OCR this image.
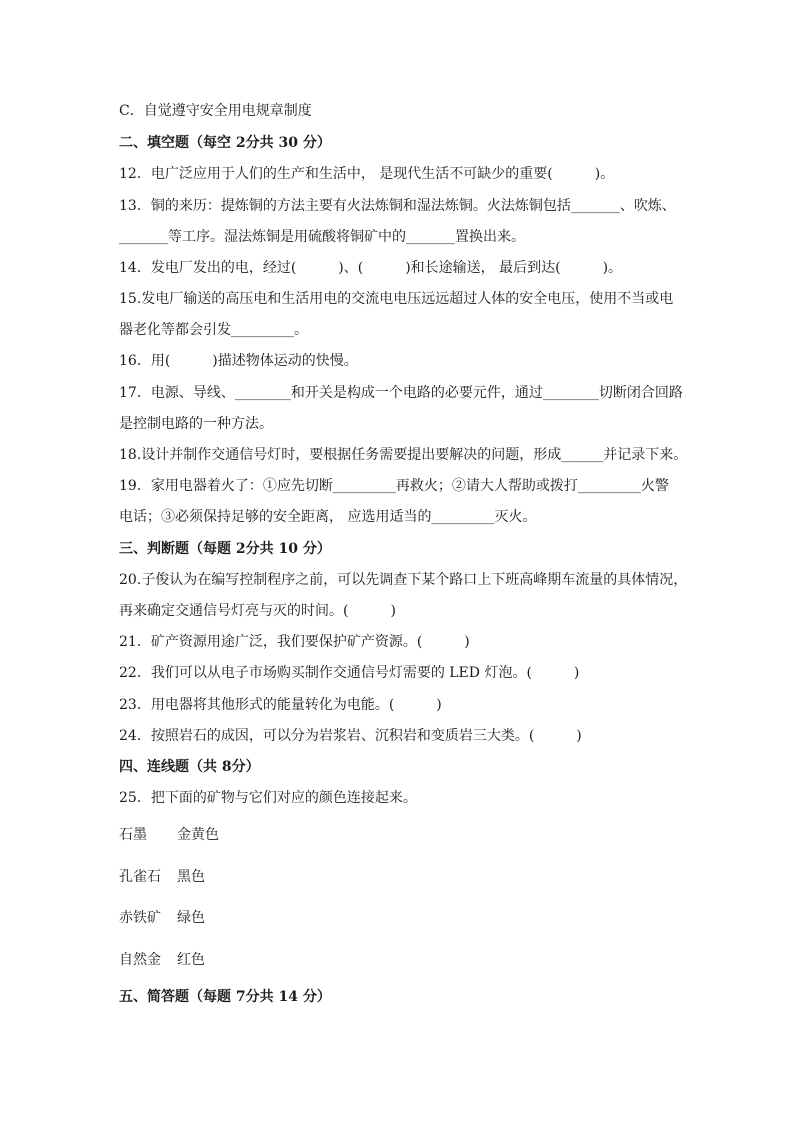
C．自觉遵守安全用电规章制度
二、填空题（每空 2分共 30 分）
12．电广泛应用于人们的生产和生活中， 是现代生活不可缺少的重要(　　　)。
13．铜的来历：提炼铜的方法主要有火法炼铜和湿法炼铜。火法炼铜包括_______、吹炼、
_______等工序。湿法炼铜是用硫酸将铜矿中的_______置换出来。
14．发电厂发出的电，经过(　　　)、(　　　)和长途输送， 最后到达(　　　)。
15.发电厂输送的高压电和生活用电的交流电电压远远超过人体的安全电压，使用不当或电
器老化等都会引发_________。
16．用(　　　)描述物体运动的快慢。
17．电源、导线、________和开关是构成一个电路的必要元件，通过________切断闭合回路
是控制电路的一种方法。
18.设计并制作交通信号灯时，要根据任务需要提出要解决的问题，形成______并记录下来。
19．家用电器着火了：①应先切断_________再救火；②请大人帮助或拨打_________火警
电话；③必须保持足够的安全距离， 应选用适当的_________灭火。
三、判断题（每题 2分共 10 分）
20.子俊认为在编写控制程序之前，可以先调查下某个路口上下班高峰期车流量的具体情况，
再来确定交通信号灯亮与灭的时间。(　　　)
21．矿产资源用途广泛，我们要保护矿产资源。(　　　)
22．我们可以从电子市场购买制作交通信号灯需要的 LED 灯泡。(　　　)
23．用电器将其他形式的能量转化为电能。(　　　)
24．按照岩石的成因，可以分为岩浆岩、沉积岩和变质岩三大类。(　　　)
四、连线题（共 8分）
25．把下面的矿物与它们对应的颜色连接起来。
石墨 金黄色
孔雀石 黑色
赤铁矿 绿色
自然金 红色
五、简答题（每题 7分共 14 分）
